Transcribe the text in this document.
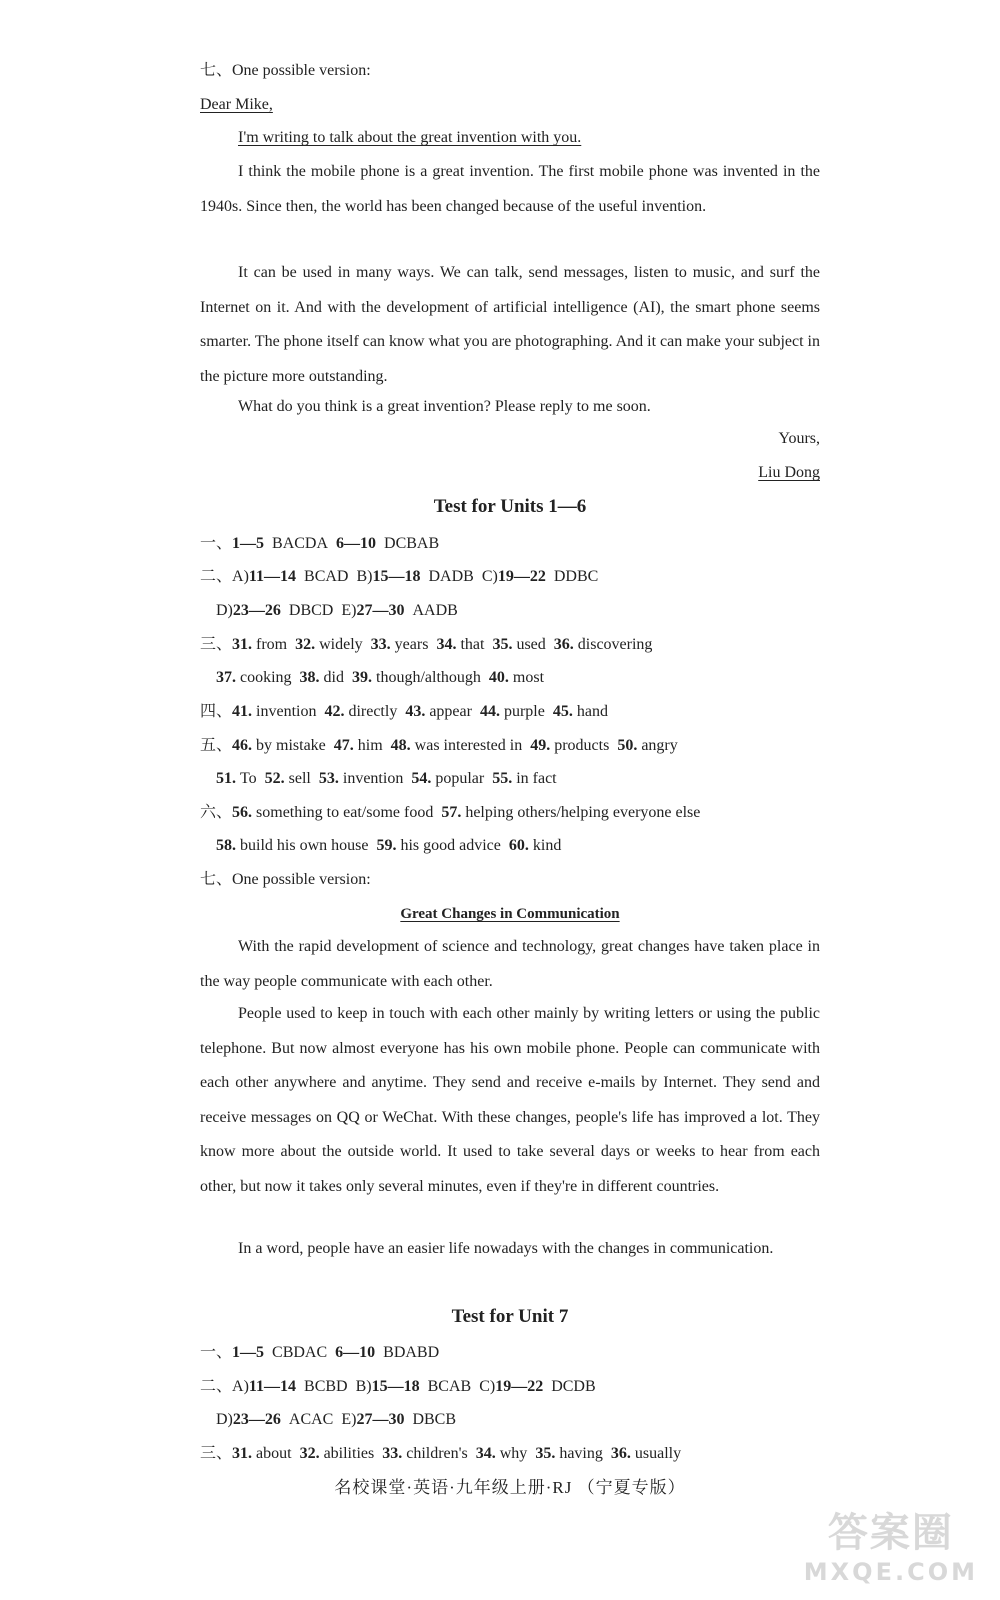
七、One possible version:
Dear Mike,
I'm writing to talk about the great invention with you.
I think the mobile phone is a great invention. The first mobile phone was invented in the 1940s. Since then, the world has been changed because of the useful invention.
It can be used in many ways. We can talk, send messages, listen to music, and surf the Internet on it. And with the development of artificial intelligence (AI), the smart phone seems smarter. The phone itself can know what you are photographing. And it can make your subject in the picture more outstanding.
What do you think is a great invention? Please reply to me soon.
Yours,
Liu Dong
Test for Units 1—6
一、1—5 BACDA 6—10 DCBAB
二、A)11—14 BCAD B)15—18 DADB C)19—22 DDBC
D)23—26 DBCD E)27—30 AADB
三、31. from 32. widely 33. years 34. that 35. used 36. discovering
37. cooking 38. did 39. though/although 40. most
四、41. invention 42. directly 43. appear 44. purple 45. hand
五、46. by mistake 47. him 48. was interested in 49. products 50. angry
51. To 52. sell 53. invention 54. popular 55. in fact
六、56. something to eat/some food 57. helping others/helping everyone else
58. build his own house 59. his good advice 60. kind
七、One possible version:
Great Changes in Communication
With the rapid development of science and technology, great changes have taken place in the way people communicate with each other.
People used to keep in touch with each other mainly by writing letters or using the public telephone. But now almost everyone has his own mobile phone. People can communicate with each other anywhere and anytime. They send and receive e-mails by Internet. They send and receive messages on QQ or WeChat. With these changes, people's life has improved a lot. They know more about the outside world. It used to take several days or weeks to hear from each other, but now it takes only several minutes, even if they're in different countries.
In a word, people have an easier life nowadays with the changes in communication.
Test for Unit 7
一、1—5 CBDAC 6—10 BDABD
二、A)11—14 BCBD B)15—18 BCAB C)19—22 DCDB
D)23—26 ACAC E)27—30 DBCB
三、31. about 32. abilities 33. children's 34. why 35. having 36. usually
名校课堂·英语·九年级上册·RJ （宁夏专版）
答案圈
MXQE.COM
